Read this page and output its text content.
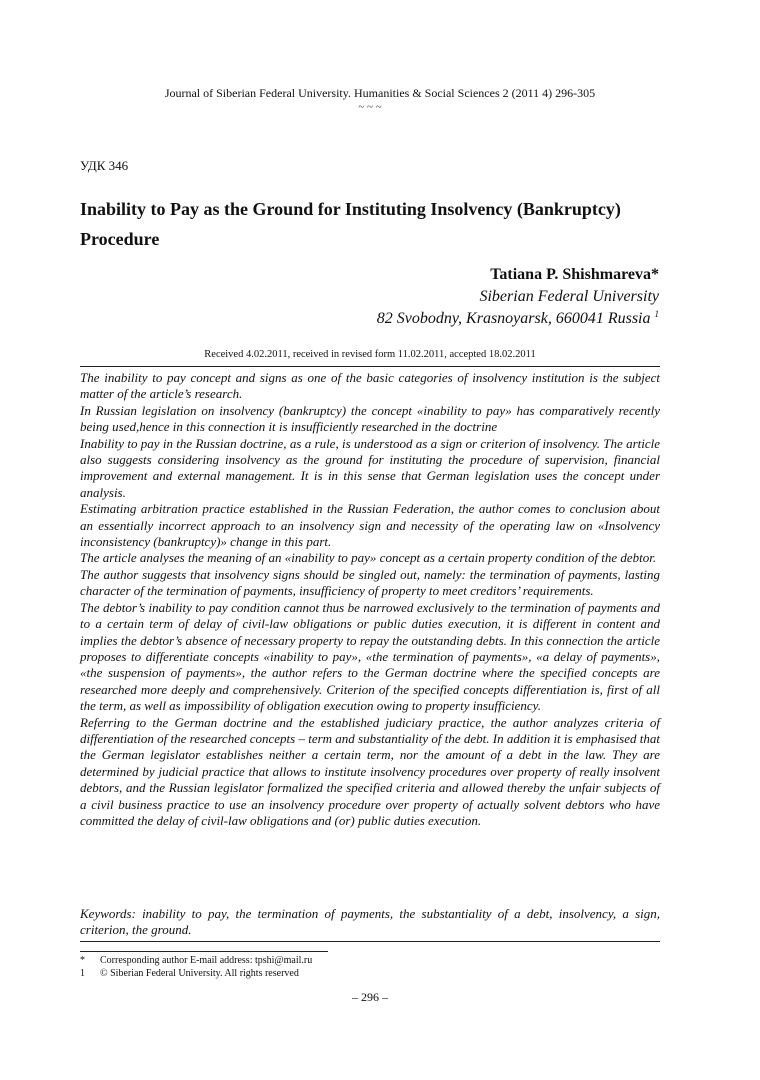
Journal of Siberian Federal University. Humanities & Social Sciences 2 (2011 4) 296-305
~ ~ ~
УДК 346
Inability to Pay as the Ground for Instituting Insolvency (Bankruptcy) Procedure
Tatiana P. Shishmareva*
Siberian Federal University
82 Svobodny, Krasnoyarsk, 660041 Russia $^1$
Received 4.02.2011, received in revised form 11.02.2011, accepted 18.02.2011

The inability to pay concept and signs as one of the basic categories of insolvency institution is the subject matter of the article’s research.

In Russian legislation on insolvency (bankruptcy) the concept «inability to pay» has comparatively recently being used,hence in this connection it is insufficiently researched in the doctrine

Inability to pay in the Russian doctrine, as a rule, is understood as a sign or criterion of insolvency. The article also suggests considering insolvency as the ground for instituting the procedure of supervision, financial improvement and external management. It is in this sense that German legislation uses the concept under analysis.

Estimating arbitration practice established in the Russian Federation, the author comes to conclusion about an essentially incorrect approach to an insolvency sign and necessity of the operating law on «Insolvency inconsistency (bankruptcy)» change in this part.

The article analyses the meaning of an «inability to pay» concept as a certain property condition of the debtor.

The author suggests that insolvency signs should be singled out, namely: the termination of payments, lasting character of the termination of payments, insufficiency of property to meet creditors’ requirements.

The debtor’s inability to pay condition cannot thus be narrowed exclusively to the termination of payments and to a certain term of delay of civil-law obligations or public duties execution, it is different in content and implies the debtor’s absence of necessary property to repay the outstanding debts. In this connection the article proposes to differentiate concepts «inability to pay», «the termination of payments», «a delay of payments», «the suspension of payments», the author refers to the German doctrine where the specified concepts are researched more deeply and comprehensively. Criterion of the specified concepts differentiation is, first of all the term, as well as impossibility of obligation execution owing to property insufficiency.

Referring to the German doctrine and the established judiciary practice, the author analyzes criteria of differentiation of the researched concepts – term and substantiality of the debt. In addition it is emphasised that the German legislator establishes neither a certain term, nor the amount of a debt in the law. They are determined by judicial practice that allows to institute insolvency procedures over property of really insolvent debtors, and the Russian legislator formalized the specified criteria and allowed thereby the unfair subjects of a civil business practice to use an insolvency procedure over property of actually solvent debtors who have committed the delay of civil-law obligations and (or) public duties execution.

Keywords: inability to pay, the termination of payments, the substantiality of a debt, insolvency, a sign, criterion, the ground.

*	Corresponding author E-mail address: tpshi@mail.ru
1	© Siberian Federal University. All rights reserved
– 296 –
